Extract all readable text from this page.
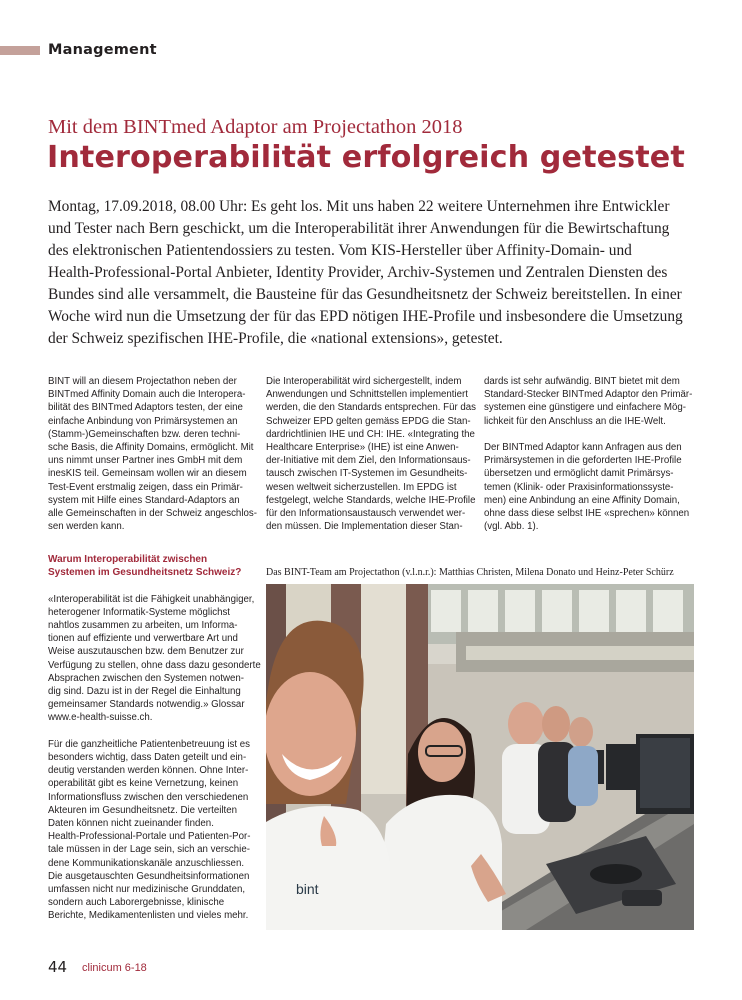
Management
Mit dem BINTmed Adaptor am Projectathon 2018
Interoperabilität erfolgreich getestet
Montag, 17.09.2018, 08.00 Uhr: Es geht los. Mit uns haben 22 weitere Unternehmen ihre Entwickler
und Tester nach Bern geschickt, um die Interoperabilität ihrer Anwendungen für die Bewirtschaftung
des elektronischen Patientendossiers zu testen. Vom KIS-Hersteller über Affinity-Domain- und
Health-Professional-Portal Anbieter, Identity Provider, Archiv-Systemen und Zentralen Diensten des
Bundes sind alle versammelt, die Bausteine für das Gesundheitsnetz der Schweiz bereitstellen. In einer
Woche wird nun die Umsetzung der für das EPD nötigen IHE-Profile und insbesondere die Umsetzung
der Schweiz spezifischen IHE-Profile, die «national extensions», getestet.
BINT will an diesem Projectathon neben der
BINTmed Affinity Domain auch die Interopera-
bilität des BINTmed Adaptors testen, der eine
einfache Anbindung von Primärsystemen an
(Stamm-)Gemeinschaften bzw. deren techni-
sche Basis, die Affinity Domains, ermöglicht. Mit
uns nimmt unser Partner ines GmbH mit dem
inesKIS teil. Gemeinsam wollen wir an diesem
Test-Event erstmalig zeigen, dass ein Primär-
system mit Hilfe eines Standard-Adaptors an
alle Gemeinschaften in der Schweiz angeschlos-
sen werden kann.
Warum Interoperabilität zwischen
Systemen im Gesundheitsnetz Schweiz?
«Interoperabilität ist die Fähigkeit unabhängiger,
heterogener Informatik-Systeme möglichst
nahtlos zusammen zu arbeiten, um Informa-
tionen auf effiziente und verwertbare Art und
Weise auszutauschen bzw. dem Benutzer zur
Verfügung zu stellen, ohne dass dazu gesonderte
Absprachen zwischen den Systemen notwen-
dig sind. Dazu ist in der Regel die Einhaltung
gemeinsamer Standards notwendig.» Glossar
www.e-health-suisse.ch.
Für die ganzheitliche Patientenbetreuung ist es
besonders wichtig, dass Daten geteilt und ein-
deutig verstanden werden können. Ohne Inter-
operabilität gibt es keine Vernetzung, keinen
Informationsfluss zwischen den verschiedenen
Akteuren im Gesundheitsnetz. Die verteilten
Daten können nicht zueinander finden.
Health-Professional-Portale und Patienten-Por-
tale müssen in der Lage sein, sich an verschie-
dene Kommunikationskanäle anzuschliessen.
Die ausgetauschten Gesundheitsinformationen
umfassen nicht nur medizinische Grunddaten,
sondern auch Laborergebnisse, klinische
Berichte, Medikamentenlisten und vieles mehr.
Die Interoperabilität wird sichergestellt, indem
Anwendungen und Schnittstellen implementiert
werden, die den Standards entsprechen. Für das
Schweizer EPD gelten gemäss EPDG die Stan-
dardrichtlinien IHE und CH: IHE. «Integrating the
Healthcare Enterprise» (IHE) ist eine Anwen-
der-Initiative mit dem Ziel, den Informationsaus-
tausch zwischen IT-Systemen im Gesundheits-
wesen weltweit sicherzustellen. Im EPDG ist
festgelegt, welche Standards, welche IHE-Profile
für den Informationsaustausch verwendet wer-
den müssen. Die Implementation dieser Stan-
dards ist sehr aufwändig. BINT bietet mit dem
Standard-Stecker BINTmed Adaptor den Primär-
systemen eine günstigere und einfachere Mög-
lichkeit für den Anschluss an die IHE-Welt.
Der BINTmed Adaptor kann Anfragen aus den
Primärsystemen in die geforderten IHE-Profile
übersetzen und ermöglicht damit Primärsys-
temen (Klinik- oder Praxisinformationssyste-
men) eine Anbindung an eine Affinity Domain,
ohne dass diese selbst IHE «sprechen» können
(vgl. Abb. 1).
Das BINT-Team am Projectathon (v.l.n.r.): Matthias Christen, Milena Donato und Heinz-Peter Schürz
bint
44 clinicum 6-18
